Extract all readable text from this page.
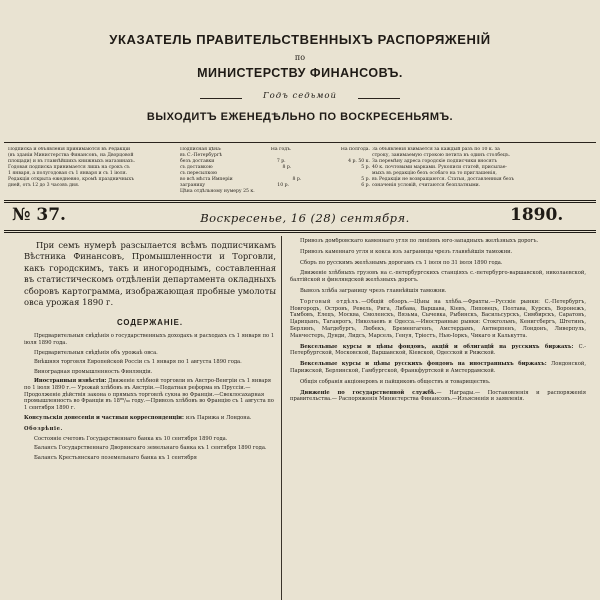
УКАЗАТЕЛЬ ПРАВИТЕЛЬСТВЕННЫХЪ РАСПОРЯЖЕНІЙ
по
МИНИСТЕРСТВУ ФИНАНСОВЪ.
Годъ седьмой
ВЫХОДИТЪ ЕЖЕНЕДѢЛЬНО ПО ВОСКРЕСЕНЬЯМЪ.
Подписка и объявленія принимаются въ Редакціи
(въ зданіи Министерства Финансовъ, на Дворцовой
площади) и въ главнѣйшихъ книжныхъ магазинахъ.
Годовая подписка принимается лишь на срокъ съ
1 января, а полугодовая съ 1 января и съ 1 іюля.
Редакція открыта ежедневно, кромѣ праздничныхъ
дней, отъ 12 до 3 часовъ дня.
Подписная цѣна:	На годъ.	На полгода.
въ С.-Петербургѣ
безъ доставки	7 р.	4 р. 50 к.
съ доставкою	8 р.	5 р.
съ пересылкою
во всѣ мѣста Имперіи	8 р.	5 р.
заграницу	10 р.	6 р.
Цѣна отдѣльному нумеру 25 к.
За объявленія взимается за каждый разъ по 10 к. за
строку, занимаемую строкою петита въ одинъ столбецъ.
За перемѣну адреса городскіе подписчики вносятъ
40 к. почтовыми марками. Рукописи статей, присылае-
мыхъ въ редакцію безъ особаго на то приглашенія,
въ Редакціи не возвращаются. Статьи, доставленныя безъ
означенія условій, считаются безплатными.
№ 37.	Воскресенье, 16 (28) сентября.	1890.
При семъ нумерѣ разсылается всѣмъ подписчикамъ Вѣстника Финансовъ, Промышленности и Торговли, какъ городскимъ, такъ и иногороднымъ, составленная въ статистическомъ отдѣленіи департамента окладныхъ сборовъ картограмма, изображающая пробные умолоты овса урожая 1890 г.
СОДЕРЖАНІЕ.
Предварительныя свѣдѣнія о государственныхъ доходахъ и расходахъ съ 1 января по 1 іюля 1890 года.
Предварительныя свѣдѣнія объ урожаѣ овса.
Внѣшняя торговля Европейской Россіи съ 1 января по 1 августа 1890 года.
Виноградная промышленность Финляндіи.
Иностранныя извѣстія: Движеніе хлѣбной торговли въ Австро-Венгріи съ 1 января по 1 іюля 1890 г.— Урожай хлѣбовъ въ Австріи.—Податная реформа въ Пруссіи.—Продолженіе дѣйствія закона о прямыхъ торговлѣ сукна во Франціи.—Свеклосахарная промышленность во Франціи въ 18⁸⁹/₉₀ году.—Привозъ хлѣбовъ во Францію съ 1 августа по 1 сентября 1890 г.
Консульскія донесенія и частныя корреспонденціи: изъ Парижа и Лондона.
Обозрѣніе.
Состояніе счетовъ Государственнаго банка къ 10 сентября 1890 года.
Балансъ Государственнаго Дворянскаго земельнаго банка къ 1 сентября 1890 года.
Балансъ Крестьянскаго поземельнаго банка къ 1 сентября
Привозъ домбровскаго каменнаго угля по линіямъ юго-западныхъ желѣзныхъ дорогъ.
Привозъ каменнаго угля и кокса изъ заграницы чрезъ главнѣйшія таможни.
Сборъ по русскимъ желѣзнымъ дорогамъ съ 1 іюля по 31 іюля 1890 года.
Движеніе хлѣбныхъ грузовъ на с.-петербургскихъ станціяхъ с.-петербурго-варшавской, николаевской, балтійской и финляндской желѣзныхъ дорогъ.
Вывозъ хлѣба заграницу чрезъ главнѣйшія таможни.
Торговый отдѣлъ.—Общій обзоръ.—Цѣны на хлѣба.—Фрахты.—Русскіе рынки: С.-Петербургъ, Новгородъ, Островъ, Ревель, Рига, Либава, Варшава, Кіевъ, Липовецъ, Полтава, Курскъ, Воронежъ, Тамбовъ, Елецъ, Москва, Смоленскъ, Вязьма, Сычевка, Рыбинскъ, Васильсурскъ, Симбирскъ, Саратовъ, Царицынъ, Таганрогъ, Николаевъ и Одесса.—Иностранные рынки: Стокгольмъ, Кенигсбергъ, Штетинъ, Берлинъ, Магдебургъ, Любекъ, Бременгагенъ, Амстердамъ, Антверпенъ, Лондонъ, Ливерпуль, Манчестеръ, Дунди, Лидсъ, Марсель, Генуя, Тріестъ, Нью-Іоркъ, Чикаго и Калькутта.
Вексельные курсы и цѣны фондовъ, акцій и облигацій на русскихъ биржахъ: С.-Петербургской, Московской, Варшавской, Кіевской, Одесской и Рижской.
Вексельные курсы и цѣны русскихъ фондовъ на иностранныхъ биржахъ: Лондонской, Парижской, Берлинской, Гамбургской, Франкфуртской и Амстердамской.
Общія собранія акціонеровъ и пайщиковъ обществъ и товариществъ.
Движеніе по государственной службѣ.— Награды.— Постановленія и распоряженія правительства.— Распоряженія Министерства Финансовъ.—Изъясненія и заявленія.
